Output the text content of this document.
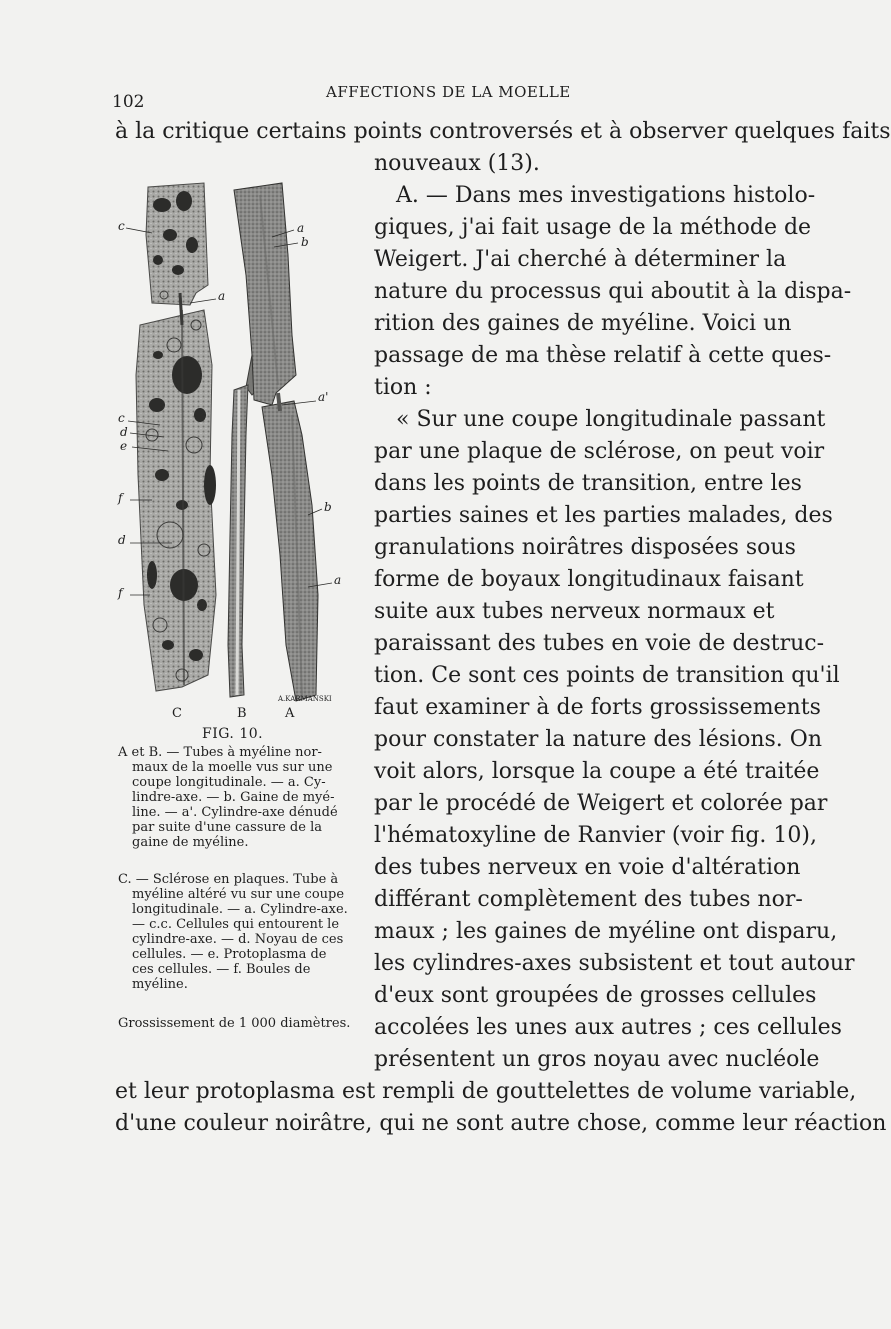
102	AFFECTIONS DE LA MOELLE
à la critique certains points controversés et à observer quelques faits
nouveaux (13).
A. — Dans mes investigations histolo-
giques, j'ai fait usage de la méthode de
Weigert. J'ai cherché à déterminer la
nature du processus qui aboutit à la dispa-
rition des gaines de myéline. Voici un
passage de ma thèse relatif à cette ques-
tion :
« Sur une coupe longitudinale passant
par une plaque de sclérose, on peut voir
dans les points de transition, entre les
parties saines et les parties malades, des
granulations noirâtres disposées sous
forme de boyaux longitudinaux faisant
suite aux tubes nerveux normaux et
paraissant des tubes en voie de destruc-
tion. Ce sont ces points de transition qu'il
faut examiner à de forts grossissements
pour constater la nature des lésions. On
voit alors, lorsque la coupe a été traitée
par le procédé de Weigert et colorée par
l'hématoxyline de Ranvier (voir fig. 10),
des tubes nerveux en voie d'altération
différant complètement des tubes nor-
maux ; les gaines de myéline ont disparu,
les cylindres-axes subsistent et tout autour
d'eux sont groupées de grosses cellules
accolées les unes aux autres ; ces cellules
présentent un gros noyau avec nucléole
et leur protoplasma est rempli de gouttelettes de volume variable,
d'une couleur noirâtre, qui ne sont autre chose, comme leur réaction
c	a
b
a
a'
c
d
e
f
b
d
a
f
A.KARMANSKI
C	B	A
FIG. 10.

A et B. — Tubes à myéline nor-

maux de la moelle vus sur une

coupe longitudinale. — a. Cy-

lindre-axe. — b. Gaine de myé-

line. — a'. Cylindre-axe dénudé

par suite d'une cassure de la

gaine de myéline.

C. — Sclérose en plaques. Tube à

myéline altéré vu sur une coupe

longitudinale. — a. Cylindre-axe.

— c.c. Cellules qui entourent le

cylindre-axe. — d. Noyau de ces

cellules. — e. Protoplasma de

ces cellules. — f. Boules de

myéline.

Grossissement de 1 000 diamètres.
